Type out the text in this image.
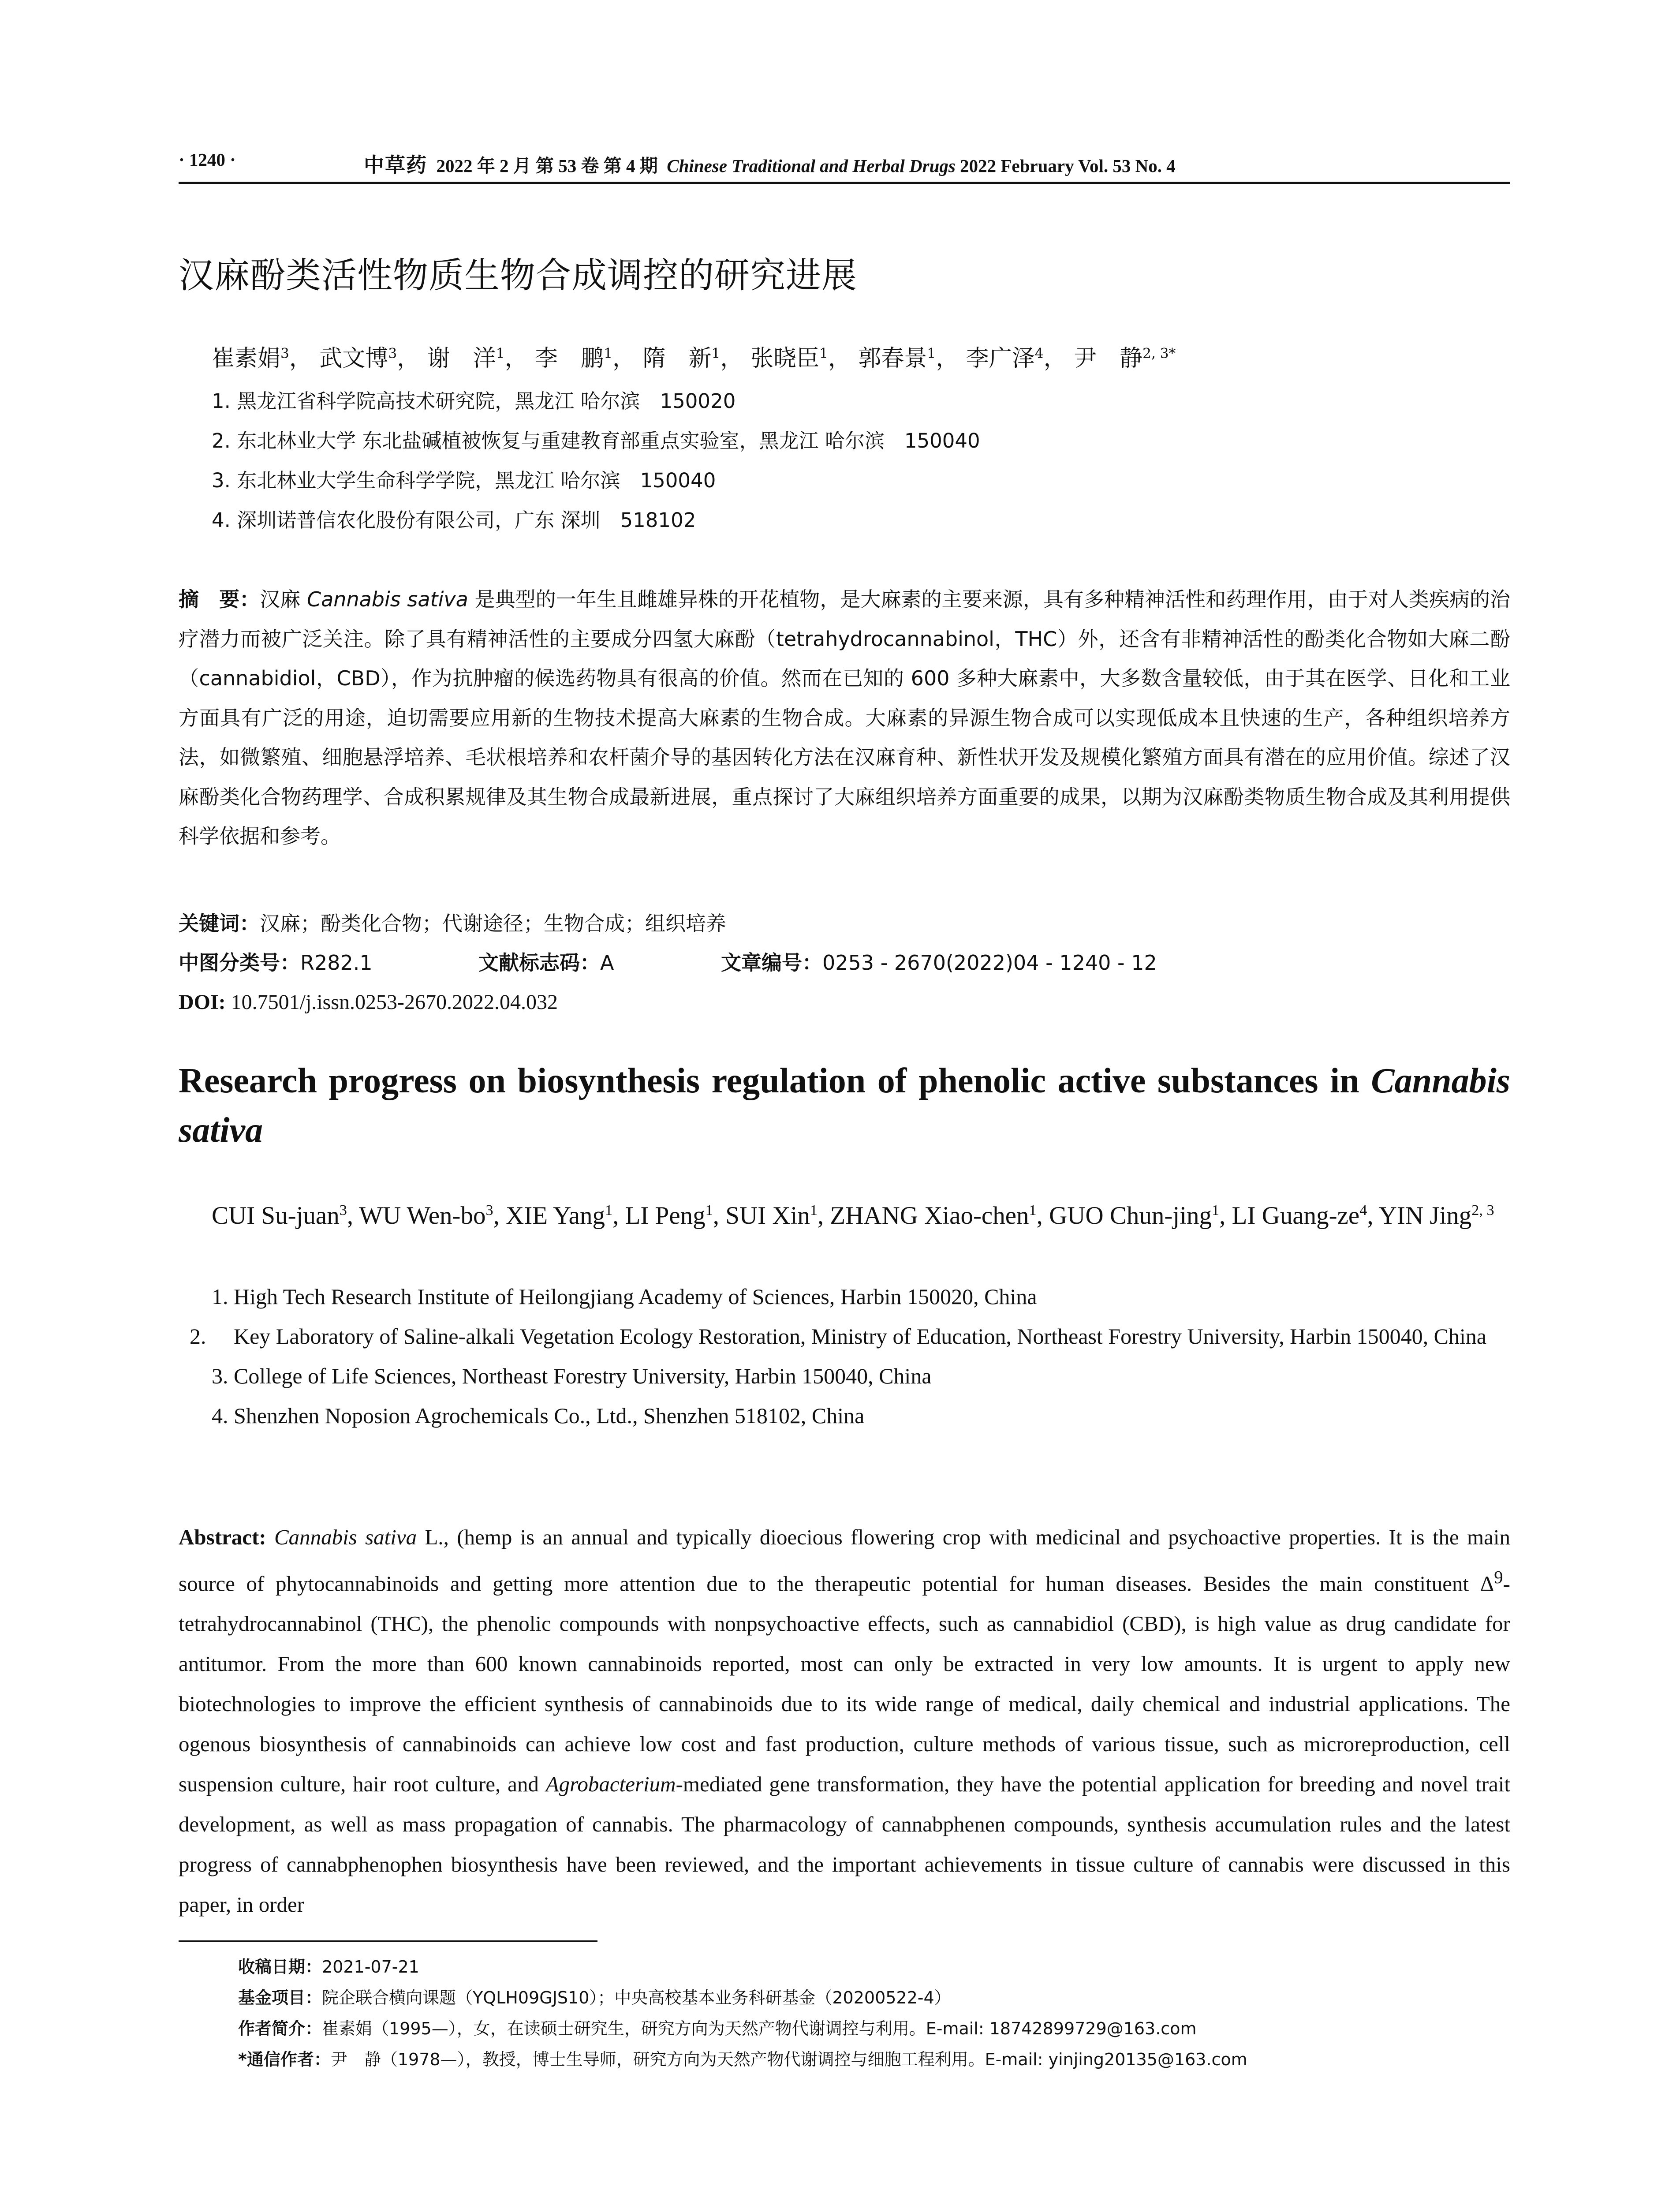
· 1240 ·	中草药 2022 年 2 月 第 53 卷 第 4 期 Chinese Traditional and Herbal Drugs 2022 February Vol. 53 No. 4
汉麻酚类活性物质生物合成调控的研究进展
崔素娟$^3$， 武文博$^3$， 谢　洋$^1$， 李　鹏$^1$， 隋　新$^1$， 张晓臣$^1$， 郭春景$^1$， 李广泽$^4$， 尹　静$^{2, 3*}$
1. 黑龙江省科学院高技术研究院，黑龙江 哈尔滨　150020
2. 东北林业大学 东北盐碱植被恢复与重建教育部重点实验室，黑龙江 哈尔滨　150040
3. 东北林业大学生命科学学院，黑龙江 哈尔滨　150040
4. 深圳诺普信农化股份有限公司，广东 深圳　518102
摘　要：汉麻 Cannabis sativa 是典型的一年生且雌雄异株的开花植物，是大麻素的主要来源，具有多种精神活性和药理作用，由于对人类疾病的治疗潜力而被广泛关注。除了具有精神活性的主要成分四氢大麻酚（tetrahydrocannabinol，THC）外，还含有非精神活性的酚类化合物如大麻二酚（cannabidiol，CBD），作为抗肿瘤的候选药物具有很高的价值。然而在已知的 600 多种大麻素中，大多数含量较低，由于其在医学、日化和工业方面具有广泛的用途，迫切需要应用新的生物技术提高大麻素的生物合成。大麻素的异源生物合成可以实现低成本且快速的生产，各种组织培养方法，如微繁殖、细胞悬浮培养、毛状根培养和农杆菌介导的基因转化方法在汉麻育种、新性状开发及规模化繁殖方面具有潜在的应用价值。综述了汉麻酚类化合物药理学、合成积累规律及其生物合成最新进展，重点探讨了大麻组织培养方面重要的成果，以期为汉麻酚类物质生物合成及其利用提供科学依据和参考。
关键词：汉麻；酚类化合物；代谢途径；生物合成；组织培养
中图分类号：R282.1	文献标志码：A	文章编号：0253 - 2670(2022)04 - 1240 - 12
DOI: 10.7501/j.issn.0253-2670.2022.04.032
Research progress on biosynthesis regulation of phenolic active substances in Cannabis sativa
CUI Su-juan$^3$, WU Wen-$bo^3$, XIE Yang$^1$, LI Peng$^1$, SUI Xin$^1$, ZHANG Xiao-chen$^1$, GUO Chun-jing$^1$, LI Guang-$ze^4$, YIN Jing$^{2, 3}$
1. High Tech Research Institute of Heilongjiang Academy of Sciences, Harbin 150020, China
2. Key Laboratory of Saline-alkali Vegetation Ecology Restoration, Ministry of Education, Northeast Forestry University, Harbin 150040, China
3. College of Life Sciences, Northeast Forestry University, Harbin 150040, China
4. Shenzhen Noposion Agrochemicals Co., Ltd., Shenzhen 518102, China
Abstract: Cannabis sativa L., (hemp is an annual and typically dioecious flowering crop with medicinal and psychoactive properties. It is the main source of phytocannabinoids and getting more attention due to the therapeutic potential for human diseases. Besides the main constituent $\Delta^9$-tetrahydrocannabinol (THC), the phenolic compounds with nonpsychoactive effects, such as cannabidiol (CBD), is high value as drug candidate for antitumor. From the more than 600 known cannabinoids reported, most can only be extracted in very low amounts. It is urgent to apply new biotechnologies to improve the efficient synthesis of cannabinoids due to its wide range of medical, daily chemical and industrial applications. The ogenous biosynthesis of cannabinoids can achieve low cost and fast production, culture methods of various tissue, such as microreproduction, cell suspension culture, hair root culture, and Agrobacterium-mediated gene transformation, they have the potential application for breeding and novel trait development, as well as mass propagation of cannabis. The pharmacology of cannabphenen compounds, synthesis accumulation rules and the latest progress of cannabphenophen biosynthesis have been reviewed, and the important achievements in tissue culture of cannabis were discussed in this paper, in order
收稿日期：2021-07-21
基金项目：院企联合横向课题（YQLH09GJS10）；中央高校基本业务科研基金（20200522-4）
作者简介：崔素娟（1995—），女，在读硕士研究生，研究方向为天然产物代谢调控与利用。E-mail: 18742899729@163.com
*通信作者：尹　静（1978—），教授，博士生导师，研究方向为天然产物代谢调控与细胞工程利用。E-mail: yinjing20135@163.com
